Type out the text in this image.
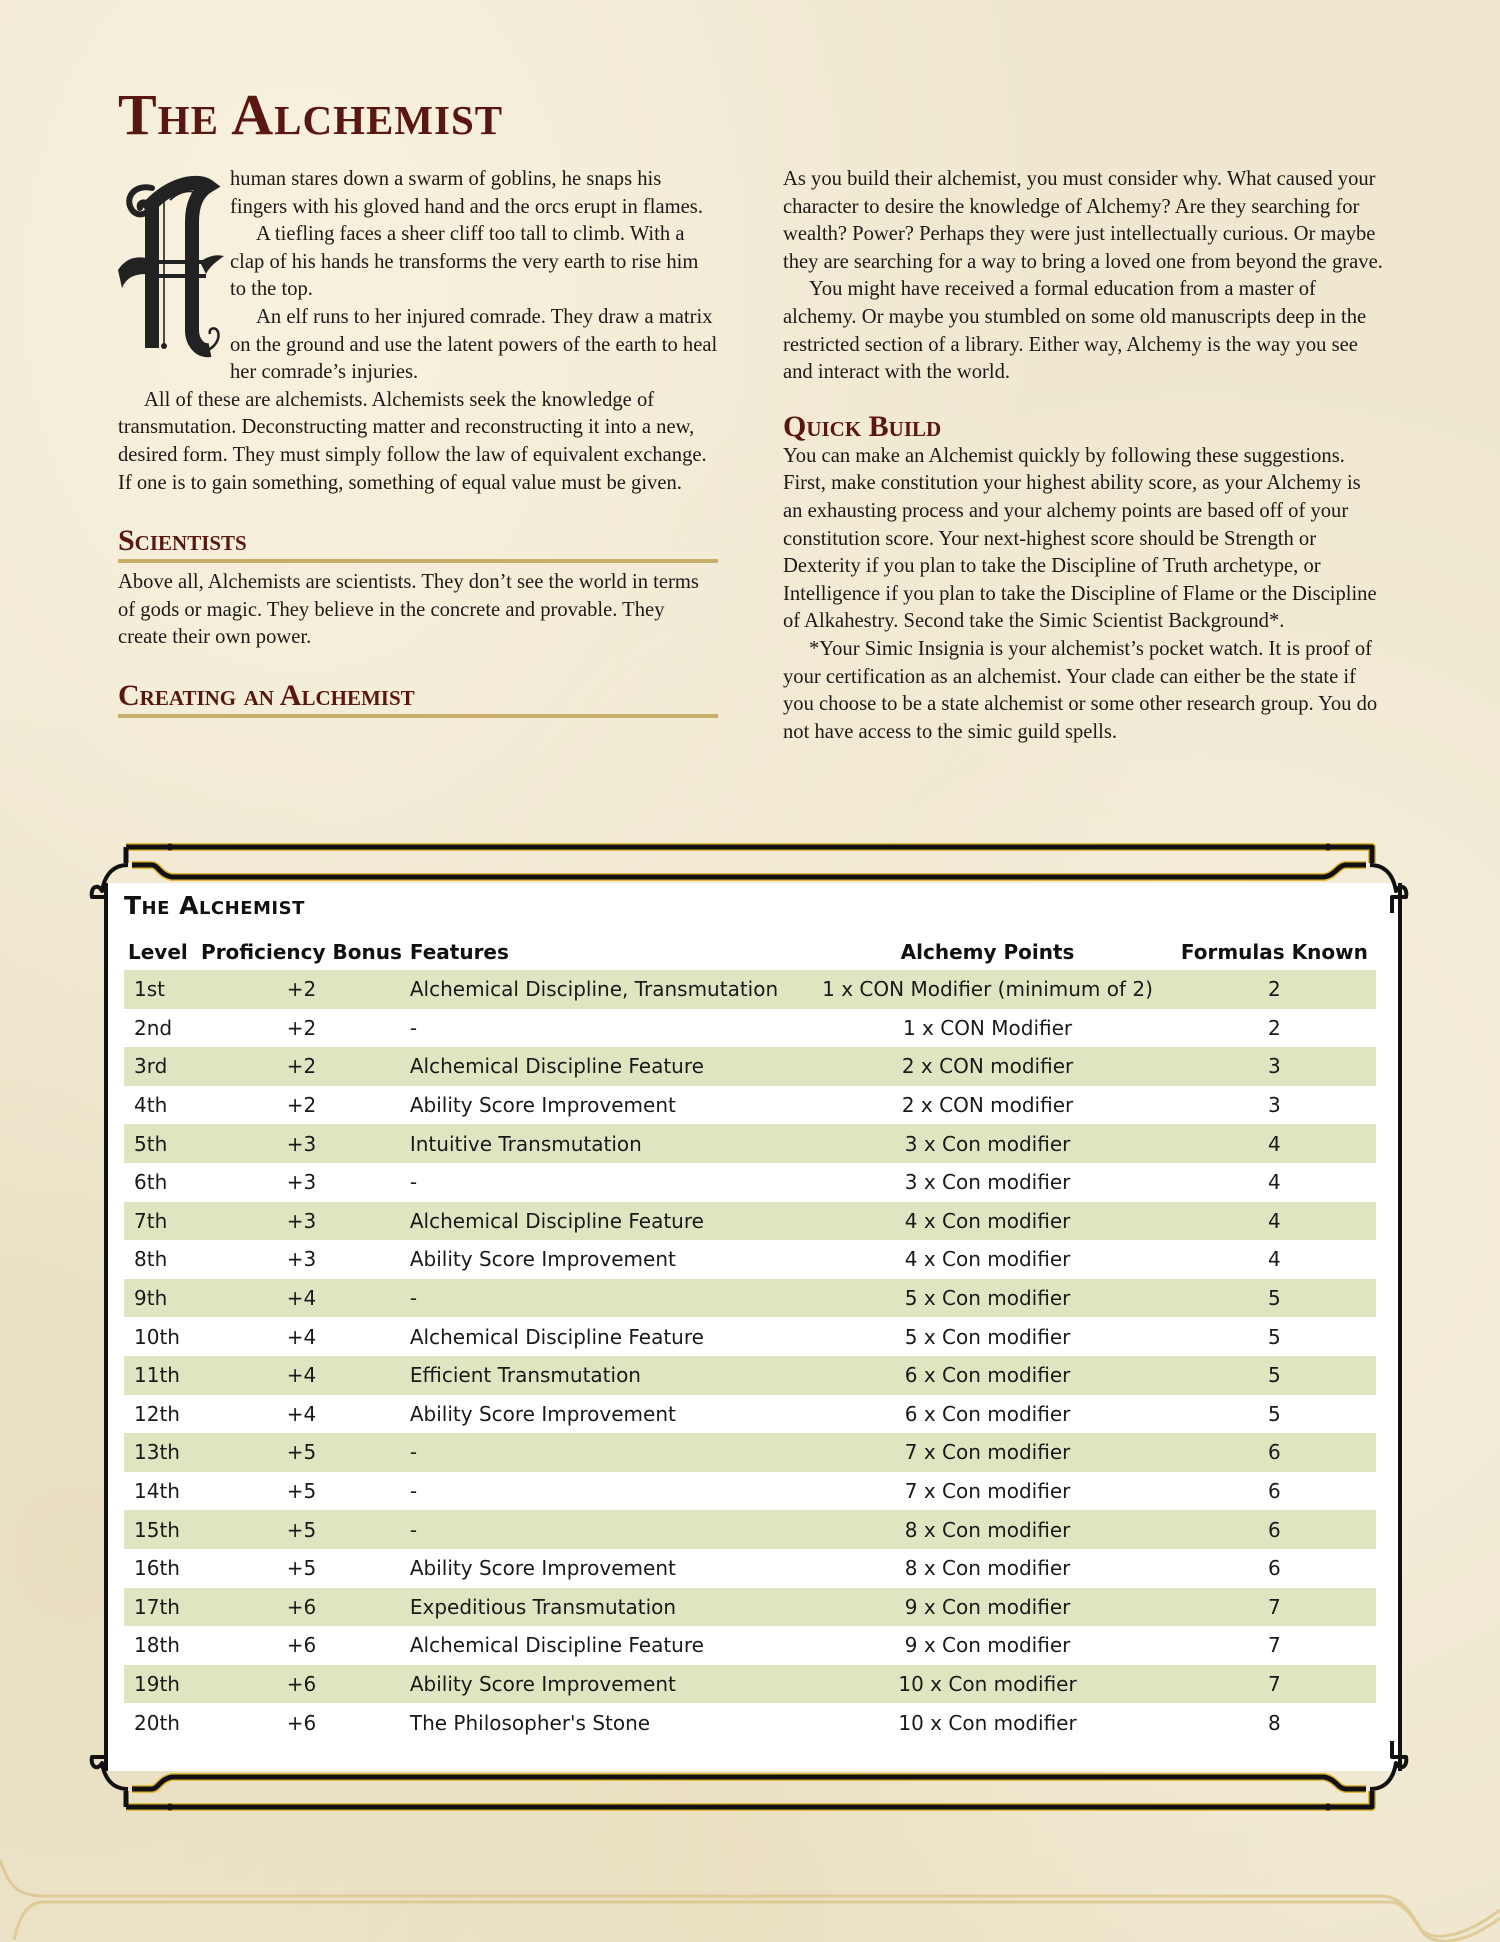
The Alchemist

human stares down a swarm of goblins, he snaps his fingers with his gloved hand and the orcs erupt in flames.

A tiefling faces a sheer cliff too tall to climb. With a clap of his hands he transforms the very earth to rise him to the top.

An elf runs to her injured comrade. They draw a matrix on the ground and use the latent powers of the earth to heal her comrade’s injuries.

All of these are alchemists. Alchemists seek the knowledge of transmutation. Deconstructing matter and reconstructing it into a new, desired form. They must simply follow the law of equivalent exchange. If one is to gain something, something of equal value must be given.

Scientists

Above all, Alchemists are scientists. They don’t see the world in terms of gods or magic. They believe in the concrete and provable. They create their own power.

Creating an Alchemist

As you build their alchemist, you must consider why. What caused your character to desire the knowledge of Alchemy? Are they searching for wealth? Power? Perhaps they were just intellectually curious. Or maybe they are searching for a way to bring a loved one from beyond the grave.

You might have received a formal education from a master of alchemy. Or maybe you stumbled on some old manuscripts deep in the restricted section of a library. Either way, Alchemy is the way you see and interact with the world.

Quick Build

You can make an Alchemist quickly by following these suggestions. First, make constitution your highest ability score, as your Alchemy is an exhausting process and your alchemy points are based off of your constitution score. Your next-highest score should be Strength or Dexterity if you plan to take the Discipline of Truth archetype, or Intelligence if you plan to take the Discipline of Flame or the Discipline of Alkahestry. Second take the Simic Scientist Background*.

*Your Simic Insignia is your alchemist’s pocket watch. It is proof of your certification as an alchemist. Your clade can either be the state if you choose to be a state alchemist or some other research group. You do not have access to the simic guild spells.

The Alchemist
Level	Proficiency Bonus	Features	Alchemy Points	Formulas Known
1st	+2	Alchemical Discipline, Transmutation	1 x CON Modifier (minimum of 2)	2
2nd	+2	-	1 x CON Modifier	2
3rd	+2	Alchemical Discipline Feature	2 x CON modifier	3
4th	+2	Ability Score Improvement	2 x CON modifier	3
5th	+3	Intuitive Transmutation	3 x Con modifier	4
6th	+3	-	3 x Con modifier	4
7th	+3	Alchemical Discipline Feature	4 x Con modifier	4
8th	+3	Ability Score Improvement	4 x Con modifier	4
9th	+4	-	5 x Con modifier	5
10th	+4	Alchemical Discipline Feature	5 x Con modifier	5
11th	+4	Efficient Transmutation	6 x Con modifier	5
12th	+4	Ability Score Improvement	6 x Con modifier	5
13th	+5	-	7 x Con modifier	6
14th	+5	-	7 x Con modifier	6
15th	+5	-	8 x Con modifier	6
16th	+5	Ability Score Improvement	8 x Con modifier	6
17th	+6	Expeditious Transmutation	9 x Con modifier	7
18th	+6	Alchemical Discipline Feature	9 x Con modifier	7
19th	+6	Ability Score Improvement	10 x Con modifier	7
20th	+6	The Philosopher's Stone	10 x Con modifier	8
